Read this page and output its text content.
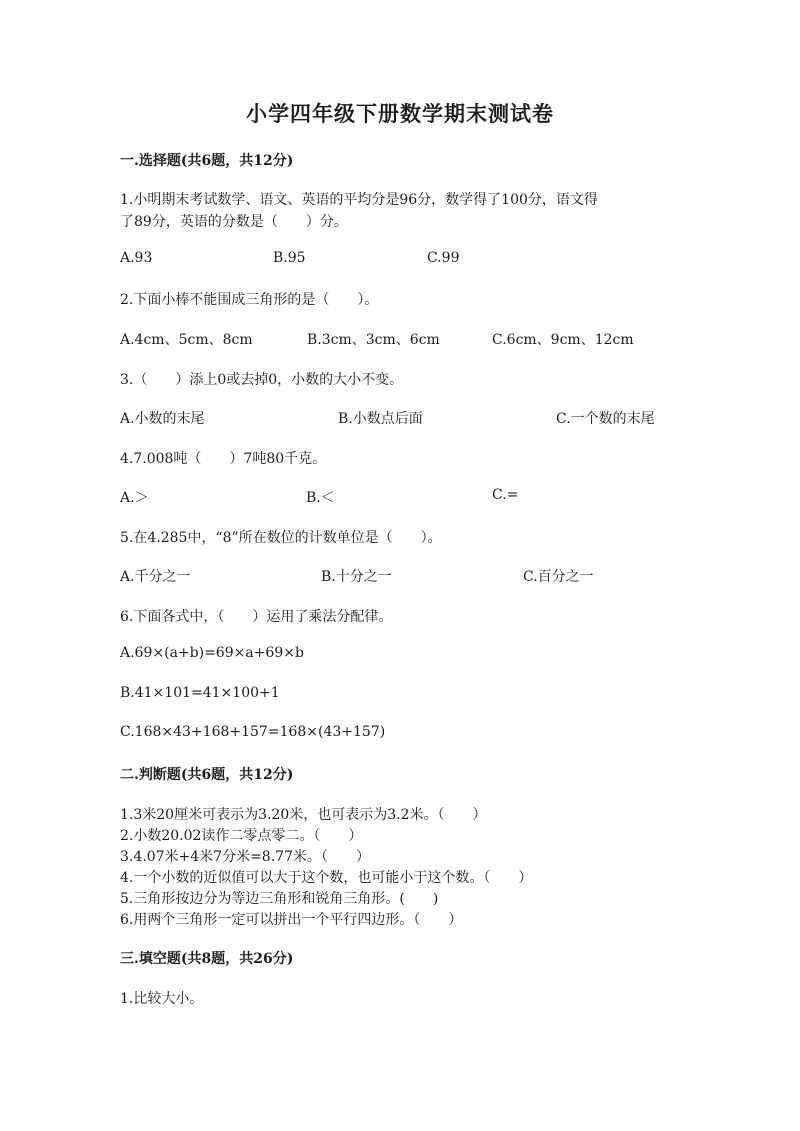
小学四年级下册数学期末测试卷
一.选择题(共6题，共12分)
1.小明期末考试数学、语文、英语的平均分是96分，数学得了100分，语文得
了89分，英语的分数是（　　）分。
A.93	B.95	C.99
2.下面小棒不能围成三角形的是（　　）。
A.4cm、5cm、8cm	B.3cm、3cm、6cm	C.6cm、9cm、12cm
3.（　　）添上0或去掉0，小数的大小不变。
A.小数的末尾	B.小数点后面	C.一个数的末尾
4.7.008吨（　　）7吨80千克。
A.＞	B.＜	C.=
5.在4.285中，“8”所在数位的计数单位是（　　）。
A.千分之一	B.十分之一	C.百分之一
6.下面各式中，（　　）运用了乘法分配律。
A.69×(a+b)=69×a+69×b
B.41×101=41×100+1
C.168×43+168+157=168×(43+157)
二.判断题(共6题，共12分)
1.3米20厘米可表示为3.20米，也可表示为3.2米。（　　）
2.小数20.02读作二零点零二。（　　）
3.4.07米+4米7分米=8.77米。（　　）
4.一个小数的近似值可以大于这个数，也可能小于这个数。（　　）
5.三角形按边分为等边三角形和锐角三角形。(　　)
6.用两个三角形一定可以拼出一个平行四边形。（　　）
三.填空题(共8题，共26分)
1.比较大小。
